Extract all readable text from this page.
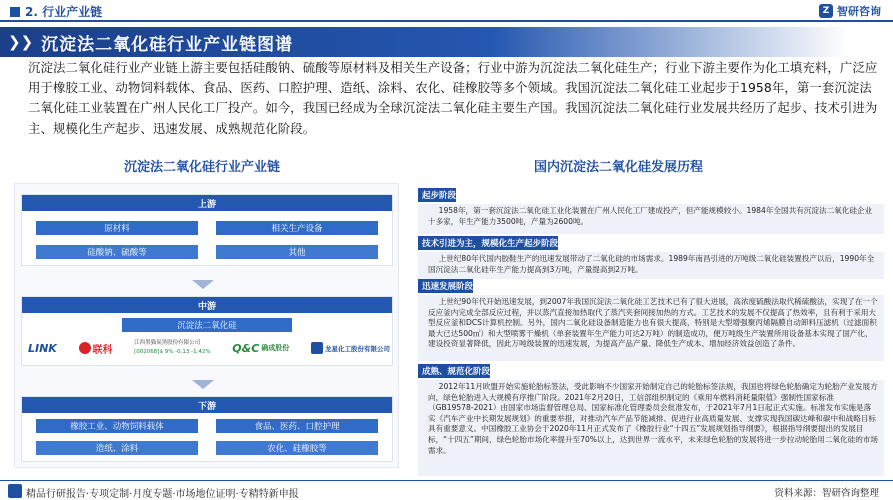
2. 行业产业链	Z 智研咨询
❯❯ 沉淀法二氧化硅行业产业链图谱
沉淀法二氧化硅行业产业链上游主要包括硅酸钠、硫酸等原材料及相关生产设备；行业中游为沉淀法二氧化硅生产；行业下游主要作为化工填充料，广泛应用于橡胶工业、动物饲料载体、食品、医药、口腔护理、造纸、涂料、农化、硅橡胶等多个领域。我国沉淀法二氧化硅工业起步于1958年，第一套沉淀法二氧化硅工业装置在广州人民化工厂投产。如今，我国已经成为全球沉淀法二氧化硅主要生产国。我国沉淀法二氧化硅行业发展共经历了起步、技术引进为主、规模化生产起步、迅速发展、成熟规范化阶段。
沉淀法二氧化硅行业产业链
上游
原材料	相关生产设备
硅酸钠、硫酸等	其他
中游
沉淀法二氧化硅
LINK	联科
江西黑猫炭黑股份有限公司
[002068]$ 9% -0.13 -1.42% Q&C 确成股份	龙星化工股份有限公司
下游
橡胶工业、动物饲料载体	食品、医药、口腔护理
造纸、涂料	农化、硅橡胶等
国内沉淀法二氧化硅发展历程
起步阶段
1958年，第一套沉淀法二氧化硅工业化装置在广州人民化工厂建成投产，但产能规模较小。1984年全国共有沉淀法二氧化硅企业十多家，年生产能力3500吨，产量为2600吨。
技术引进为主，规模化生产起步阶段
上世纪80年代国内胶鞋生产的迅速发展带动了二氧化硅的市场需求。1989年南昌引进的万吨级二氧化硅装置投产以后，1990年全国沉淀法二氧化硅年生产能力提高到3万吨，产量提高到2万吨。
迅速发展阶段
上世纪90年代开始迅速发展，到2007年我国沉淀法二氧化硅工艺技术已有了很大进展，高浓度硫酸法取代稀硫酸法，实现了在一个反应釜内完成全部反应过程，并以蒸汽直接加热取代了蒸汽夹套间接加热的方式。工艺技术的发展不仅提高了热效率，且有利于采用大型反应釜和DCS计算机控制。另外，国内二氧化硅设备制造能力也有很大提高，特别是大型增强聚丙烯隔膜自动卸料压滤机（过滤面积最大已达500㎡）和大型喷雾干燥机（单套装置年生产能力可达2万吨）的制造成功，便万吨级生产装置所用设备基本实现了国产化，建设投资显著降低，因此万吨级装置的迅速发展，为提高产品产量、降低生产成本、增加经济效益创造了条件。
成熟、规范化阶段
2012年11月欧盟开始实施轮胎标签法，受此影响不少国家开始制定自己的轮胎标签法规，我国也将绿色轮胎确定为轮胎产业发展方向，绿色轮胎进入大规模有序推广阶段。2021年2月20日，工信部组织制定的《乘用车燃料消耗量限值》强制性国家标准（GB19578-2021）由国家市场监督管理总局、国家标准化管理委员会批准发布，于2021年7月1日起正式实施。标准发布实施是落实《汽车产业中长期发展规划》的重要举措，对推动汽车产品节能减排、促进行业高质量发展、支撑实现我国碳达峰和碳中和战略目标具有重要意义。中国橡胶工业协会于2020年11月正式发布了《橡胶行业“十四五”发展规划指导纲要》，根据指导纲要提出的发展目标，“十四五”期间，绿色轮胎市场化率提升至70%以上，达到世界一流水平，未来绿色轮胎的发展将进一步拉动轮胎用二氧化硅的市场需求。
精品行研报告·专项定制·月度专题·市场地位证明·专精特新申报	资料来源：智研咨询整理
